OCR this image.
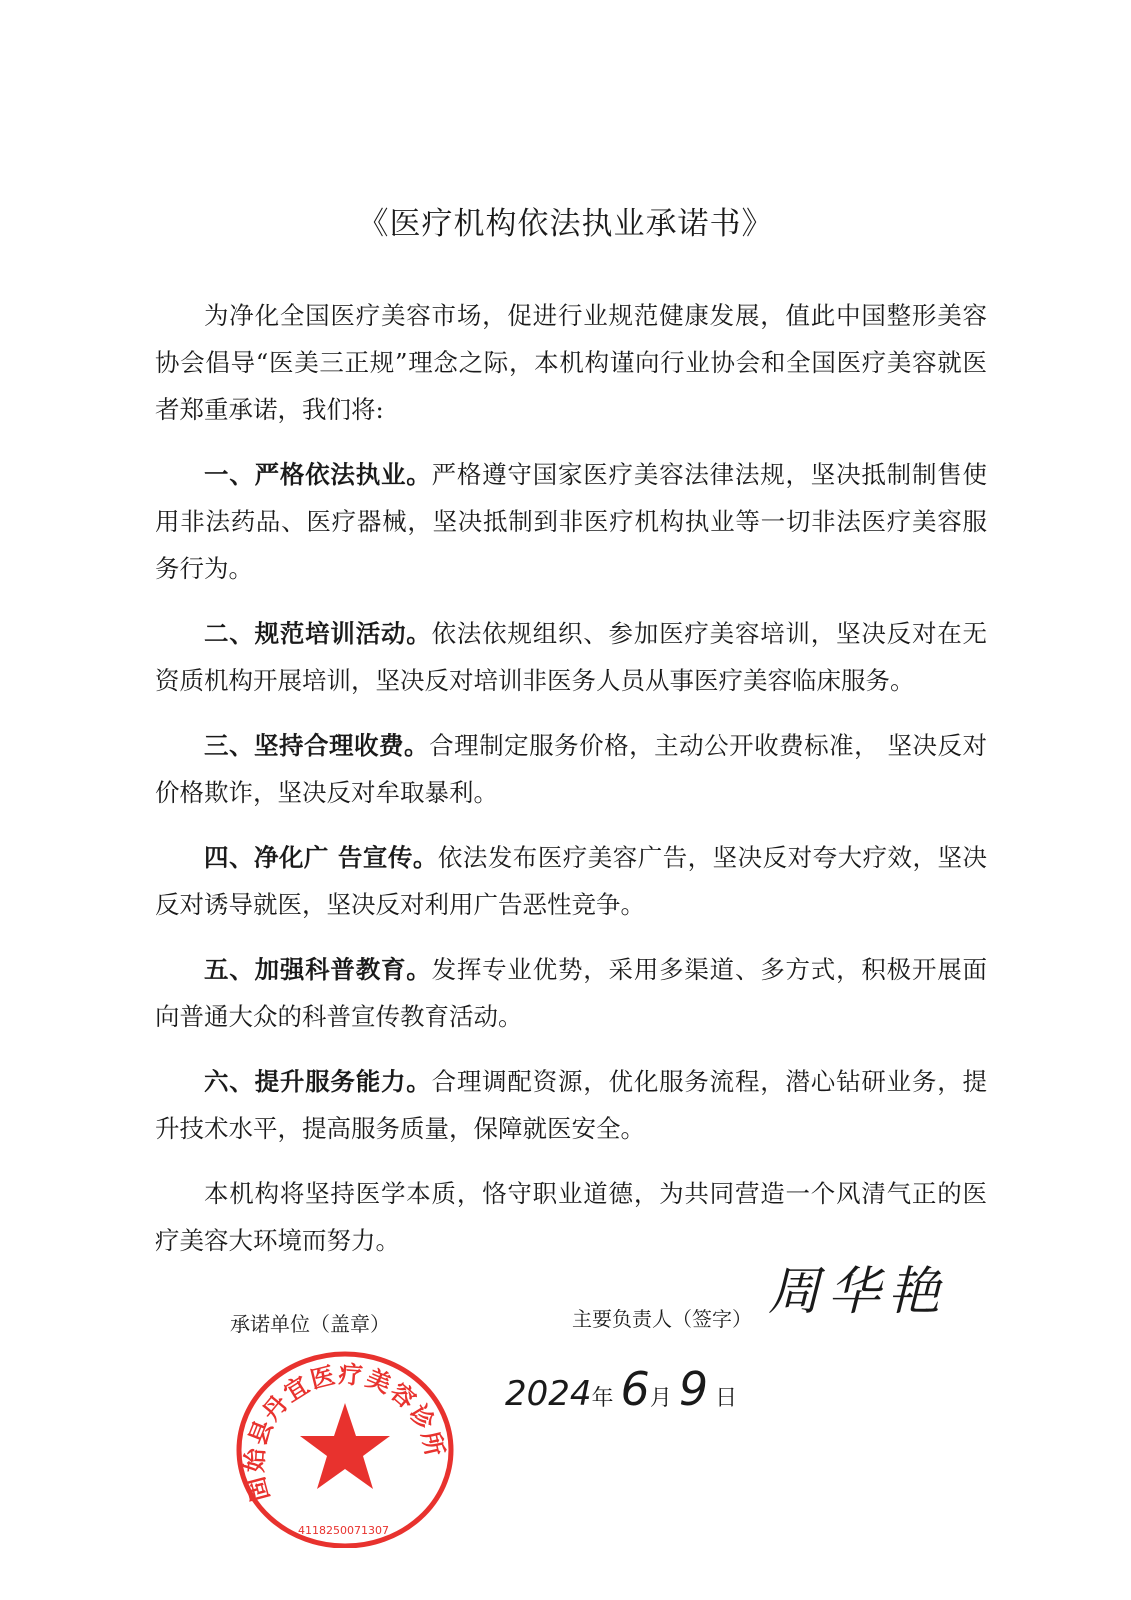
《医疗机构依法执业承诺书》

为净化全国医疗美容市场，促进行业规范健康发展，值此中国整形美容协会倡导“医美三正规”理念之际，本机构谨向行业协会和全国医疗美容就医者郑重承诺，我们将:

一、严格依法执业。严格遵守国家医疗美容法律法规，坚决抵制制售使用非法药品、医疗器械，坚决抵制到非医疗机构执业等一切非法医疗美容服务行为。

二、规范培训活动。依法依规组织、参加医疗美容培训，坚决反对在无资质机构开展培训，坚决反对培训非医务人员从事医疗美容临床服务。

三、坚持合理收费。合理制定服务价格，主动公开收费标准， 坚决反对价格欺诈，坚决反对牟取暴利。

四、净化广 告宣传。依法发布医疗美容广告，坚决反对夸大疗效，坚决反对诱导就医，坚决反对利用广告恶性竞争。

五、加强科普教育。发挥专业优势，采用多渠道、多方式，积极开展面向普通大众的科普宣传教育活动。

六、提升服务能力。合理调配资源，优化服务流程，潜心钻研业务，提升技术水平，提高服务质量，保障就医安全。

本机构将坚持医学本质，恪守职业道德，为共同营造一个风清气正的医疗美容大环境而努力。

固始县丹宜医疗美容诊所
4118250071307
承诺单位（盖章）	主要负责人（签字） 周华艳
2024年 6月 9 日
